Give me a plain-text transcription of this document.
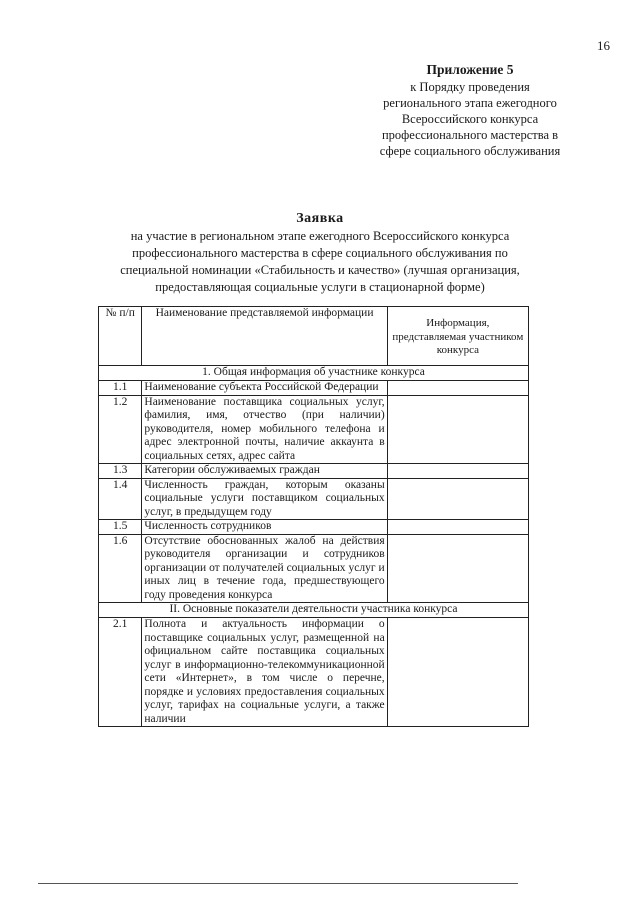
16
Приложение 5
к Порядку проведения
регионального этапа ежегодного
Всероссийского конкурса
профессионального мастерства в
сфере социального обслуживания
Заявка
на участие в региональном этапе ежегодного Всероссийского конкурса
профессионального мастерства в сфере социального обслуживания по
специальной номинации «Стабильность и качество» (лучшая организация,
предоставляющая социальные услуги в стационарной форме)
№ п/п	Наименование представляемой информации	Информация, представляемая участником конкурса
1. Общая информация об участнике конкурса		
1.1	Наименование субъекта Российской Федерации	
1.2	Наименование поставщика социальных услуг, фамилия, имя, отчество (при наличии) руководителя, номер мобильного телефона и адрес электронной почты, наличие аккаунта в социальных сетях, адрес сайта	
1.3	Категории обслуживаемых граждан	
1.4	Численность граждан, которым оказаны социальные услуги поставщиком социальных услуг, в предыдущем году	
1.5	Численность сотрудников	
1.6	Отсутствие обоснованных жалоб на действия руководителя организации и сотрудников организации от получателей социальных услуг и иных лиц в течение года, предшествующего году проведения конкурса	
II. Основные показатели деятельности участника конкурса		
2.1	Полнота и актуальность информации о поставщике социальных услуг, размещенной на официальном сайте поставщика социальных услуг в информационно-телекоммуникационной сети «Интернет», в том числе о перечне, порядке и условиях предоставления социальных услуг, тарифах на социальные услуги, а также наличии	
